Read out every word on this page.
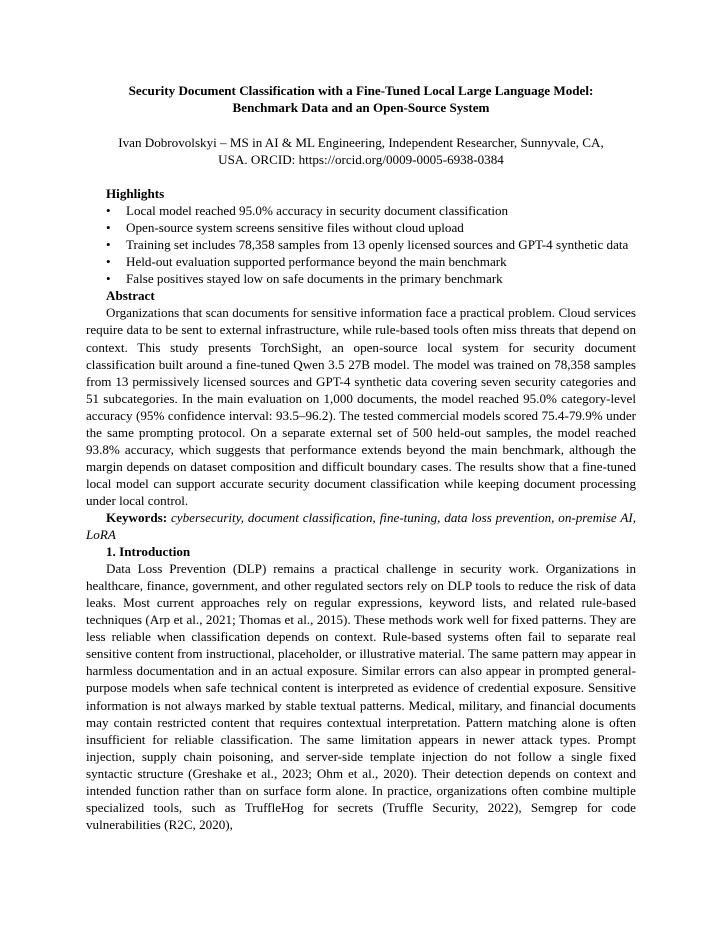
Security Document Classification with a Fine-Tuned Local Large Language Model:
Benchmark Data and an Open-Source System
Ivan Dobrovolskyi – MS in AI & ML Engineering, Independent Researcher, Sunnyvale, CA,
USA. ORCID: https://orcid.org/0009-0005-6938-0384
Highlights
• Local model reached 95.0% accuracy in security document classification
• Open-source system screens sensitive files without cloud upload
• Training set includes 78,358 samples from 13 openly licensed sources and GPT-4 synthetic data
• Held-out evaluation supported performance beyond the main benchmark
• False positives stayed low on safe documents in the primary benchmark
Abstract

Organizations that scan documents for sensitive information face a practical problem. Cloud services require data to be sent to external infrastructure, while rule-based tools often miss threats that depend on context. This study presents TorchSight, an open-source local system for security document classification built around a fine-tuned Qwen 3.5 27B model. The model was trained on 78,358 samples from 13 permissively licensed sources and GPT-4 synthetic data covering seven security categories and 51 subcategories. In the main evaluation on 1,000 documents, the model reached 95.0% category-level accuracy (95% confidence interval: 93.5–96.2). The tested commercial models scored 75.4-79.9% under the same prompting protocol. On a separate external set of 500 held-out samples, the model reached 93.8% accuracy, which suggests that performance extends beyond the main benchmark, although the margin depends on dataset composition and difficult boundary cases. The results show that a fine-tuned local model can support accurate security document classification while keeping document processing under local control.

Keywords: cybersecurity, document classification, fine-tuning, data loss prevention, on-premise AI, LoRA

1. Introduction

Data Loss Prevention (DLP) remains a practical challenge in security work. Organizations in healthcare, finance, government, and other regulated sectors rely on DLP tools to reduce the risk of data leaks. Most current approaches rely on regular expressions, keyword lists, and related rule-based techniques (Arp et al., 2021; Thomas et al., 2015). These methods work well for fixed patterns. They are less reliable when classification depends on context. Rule-based systems often fail to separate real sensitive content from instructional, placeholder, or illustrative material. The same pattern may appear in harmless documentation and in an actual exposure. Similar errors can also appear in prompted general-purpose models when safe technical content is interpreted as evidence of credential exposure. Sensitive information is not always marked by stable textual patterns. Medical, military, and financial documents may contain restricted content that requires contextual interpretation. Pattern matching alone is often insufficient for reliable classification. The same limitation appears in newer attack types. Prompt injection, supply chain poisoning, and server-side template injection do not follow a single fixed syntactic structure (Greshake et al., 2023; Ohm et al., 2020). Their detection depends on context and intended function rather than on surface form alone. In practice, organizations often combine multiple specialized tools, such as TruffleHog for secrets (Truffle Security, 2022), Semgrep for code vulnerabilities (R2C, 2020),
